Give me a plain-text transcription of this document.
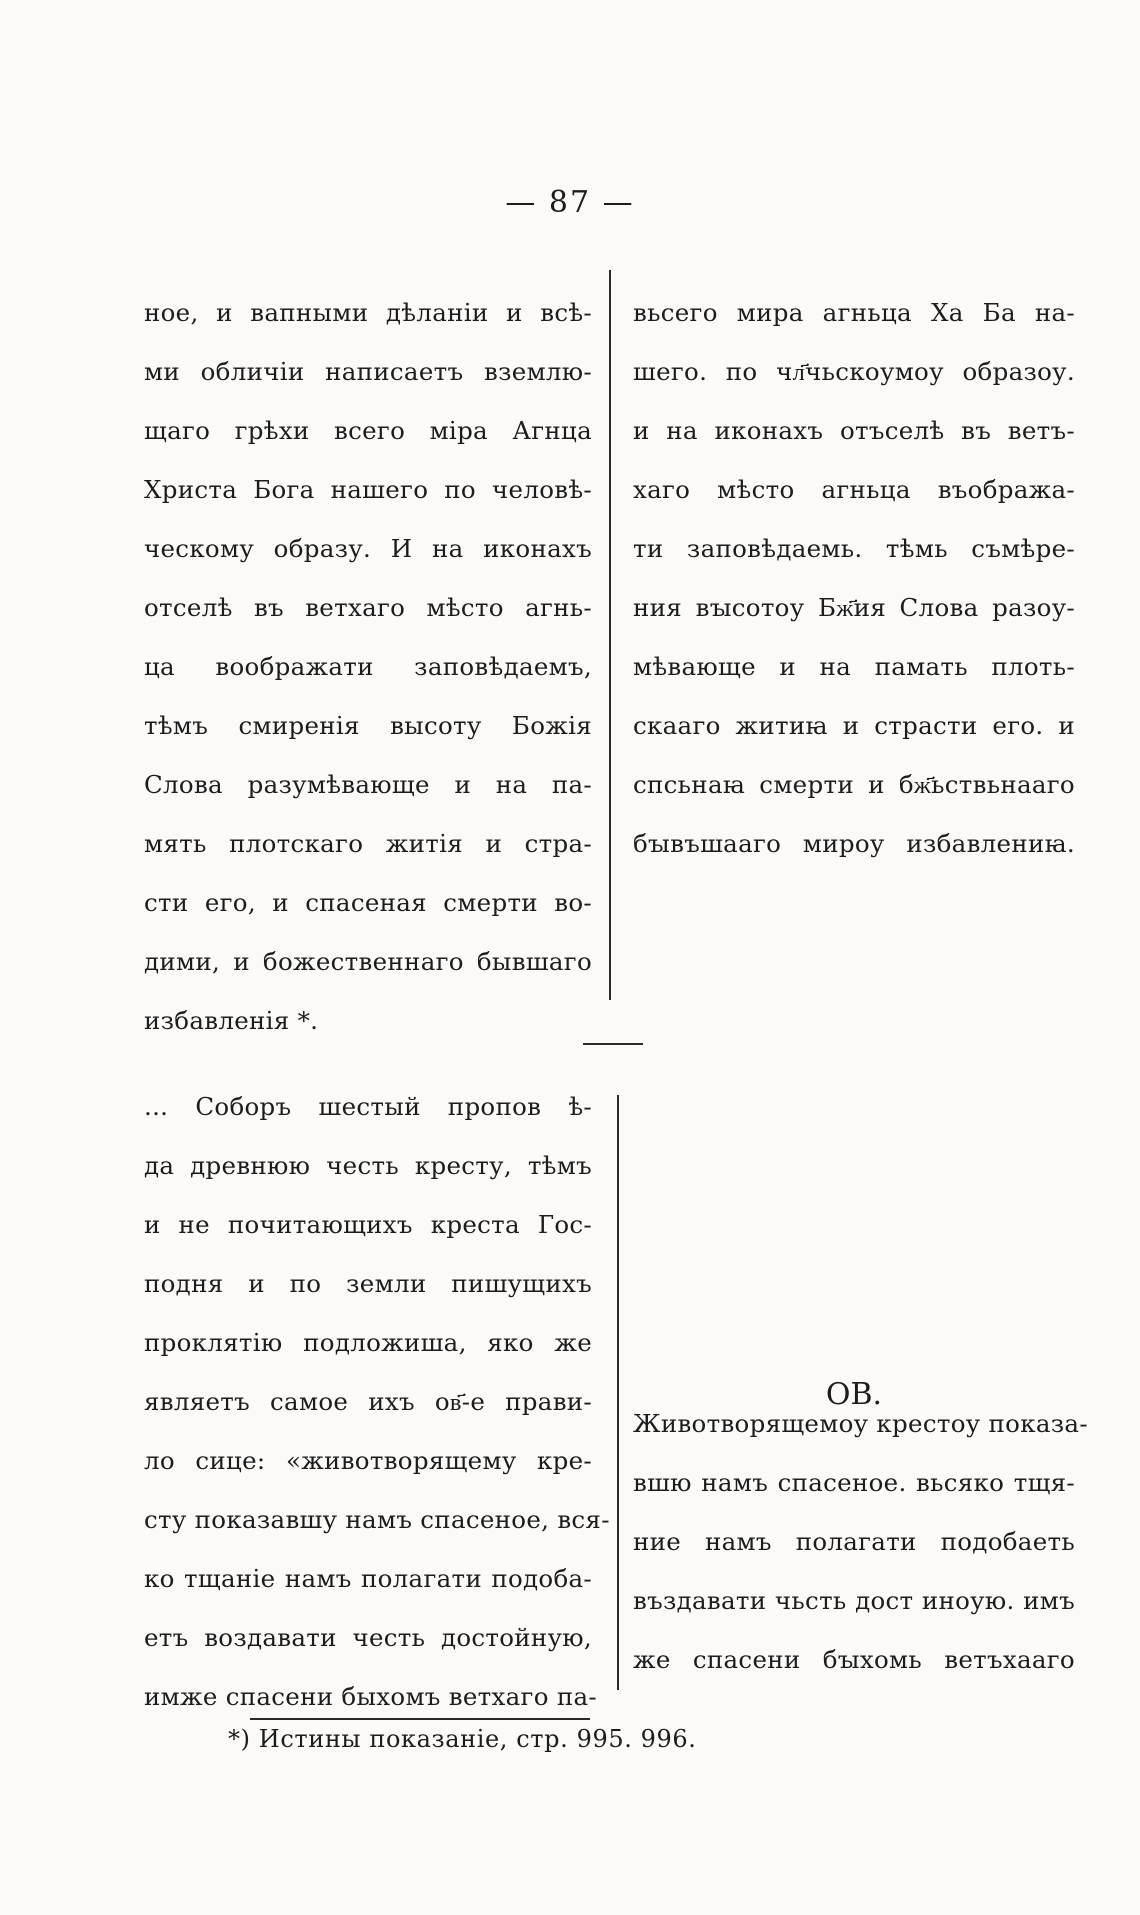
— 87 —
ное, и вапными дѣланіи и всѣ-
ми обличіи написаетъ взeмлю-
щаго грѣхи всего міра Агнца
Христа Бога нашего по человѣ-
ческому образу. И на иконахъ
отселѣ въ ветхаго мѣсто агнь-
ца воображати заповѣдаемъ,
тѣмъ смиренія высоту Божія
Слова разумѣвающе и на па-
мять плотскаго житія и стра-
сти его, и спасеная смерти во-
дими, и божественнаго бывшаго
избавленія *.
вьсего мира агньца Ха Ба на-
шего. по чл҃чьскоумоу образоу.
и на иконахъ отъселѣ въ ветъ-
хаго мѣсто агньца въображa-
ти заповѣдаемь. тѣмь съмѣре-
ния вꙑсотоу Бж҃ия Слова разоу-
мѣвающе и на памать плоть-
скааго житиꙗ и страсти его. и
спсьнаꙗ смерти и бж҃ьствьнааго
бꙑвъшааго мироу избавлениꙗ.
... Соборъ шестый пропов ѣ-
да древнюю честь кресту, тѣмъ
и не почитающихъ креста Гос-
подня и по земли пишущихъ
проклятію подложиша, яко же
являетъ самое ихъ ов҃-е прави-
ло сице: «животворящему кре-
сту показавшу намъ спасеное, вся-
ко тщаніе намъ полагати подоба-
етъ воздавати честь достойную,
имже спасени быхомъ ветхаго па-
ОВ.
Животворящемоу крестоу показа-
вшю намъ спасеное. вьсяко тщя-
ние намъ полагати подобаеть
въздавати чьсть дост иноую. имъ
же спасени бꙑхомь ветъхааго
*) Истины показаніе, стр. 995. 996.
